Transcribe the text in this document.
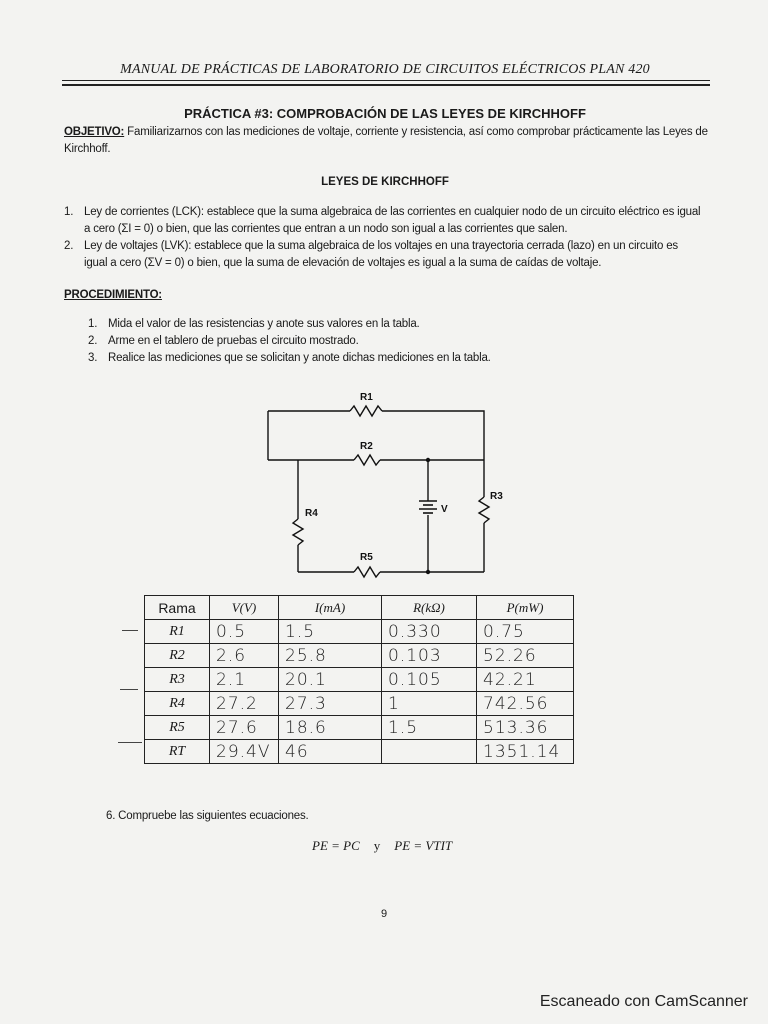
MANUAL DE PRÁCTICAS DE LABORATORIO DE CIRCUITOS ELÉCTRICOS PLAN 420
PRÁCTICA #3: COMPROBACIÓN DE LAS LEYES DE KIRCHHOFF
OBJETIVO: Familiarizarnos con las mediciones de voltaje, corriente y resistencia, así como comprobar prácticamente las Leyes de Kirchhoff.
LEYES DE KIRCHHOFF
1. Ley de corrientes (LCK): establece que la suma algebraica de las corrientes en cualquier nodo de un circuito eléctrico es igual a cero (ΣI = 0) o bien, que las corrientes que entran a un nodo son igual a las corrientes que salen.
2. Ley de voltajes (LVK): establece que la suma algebraica de los voltajes en una trayectoria cerrada (lazo) en un circuito es igual a cero (ΣV = 0) o bien, que la suma de elevación de voltajes es igual a la suma de caídas de voltaje.
PROCEDIMIENTO:
1. Mida el valor de las resistencias y anote sus valores en la tabla.
2. Arme en el tablero de pruebas el circuito mostrado.
3. Realice las mediciones que se solicitan y anote dichas mediciones en la tabla.
R1
R2
R3
R4
R5
V
Rama	V(V)	I(mA)	R(kΩ)	P(mW)
R1	0.5	1.5	0.330	0.75
R2	2.6	25.8	0.103	52.26
R3	2.1	20.1	0.105	42.21
R4	27.2	27.3	1	742.56
R5	27.6	18.6	1.5	513.36
RT	29.4V	46		1351.14
6. Compruebe las siguientes ecuaciones.
PE = PC y PE = VTIT
9
Escaneado con CamScanner
